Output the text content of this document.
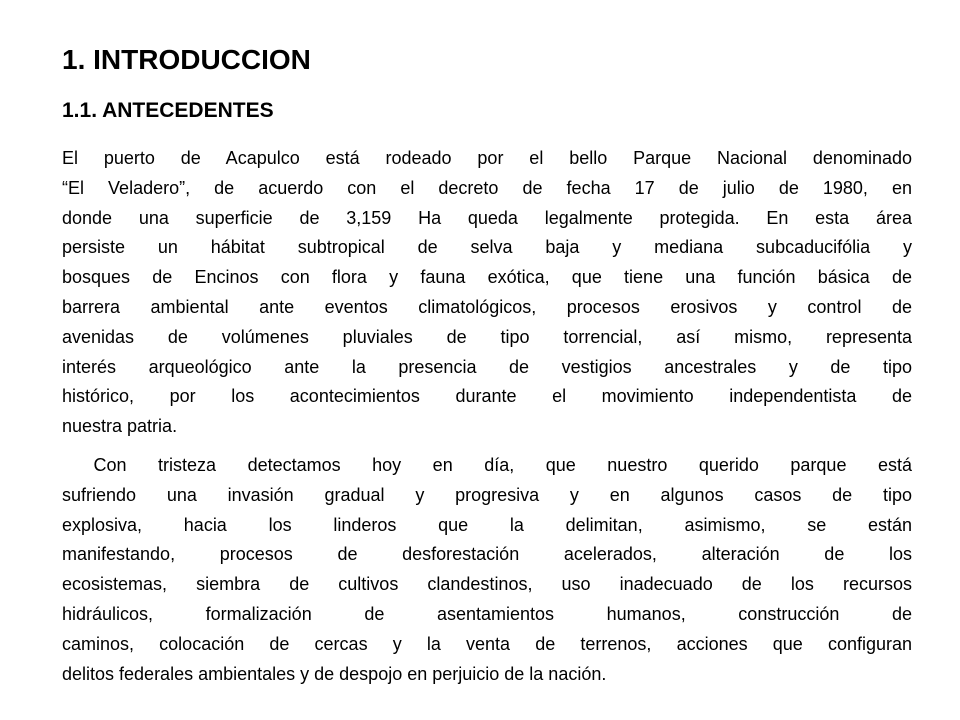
1. INTRODUCCION
1.1. ANTECEDENTES

El puerto de Acapulco está rodeado por el bello Parque Nacional denominado
“El Veladero”, de acuerdo con el decreto de fecha 17 de julio de 1980, en
donde una superficie de 3,159 Ha queda legalmente protegida. En esta área
persiste un hábitat subtropical de selva baja y mediana subcaducifólia y
bosques de Encinos con flora y fauna exótica, que tiene una función básica de
barrera ambiental ante eventos climatológicos, procesos erosivos y control de
avenidas de volúmenes pluviales de tipo torrencial, así mismo, representa
interés arqueológico ante la presencia de vestigios ancestrales y de tipo
histórico, por los acontecimientos durante el movimiento independentista de
nuestra patria.

Con tristeza detectamos hoy en día, que nuestro querido parque está
sufriendo una invasión gradual y progresiva y en algunos casos de tipo
explosiva, hacia los linderos que la delimitan, asimismo, se están
manifestando, procesos de desforestación acelerados, alteración de los
ecosistemas, siembra de cultivos clandestinos, uso inadecuado de los recursos
hidráulicos, formalización de asentamientos humanos, construcción de
caminos, colocación de cercas y la venta de terrenos, acciones que configuran
delitos federales ambientales y de despojo en perjuicio de la nación.
